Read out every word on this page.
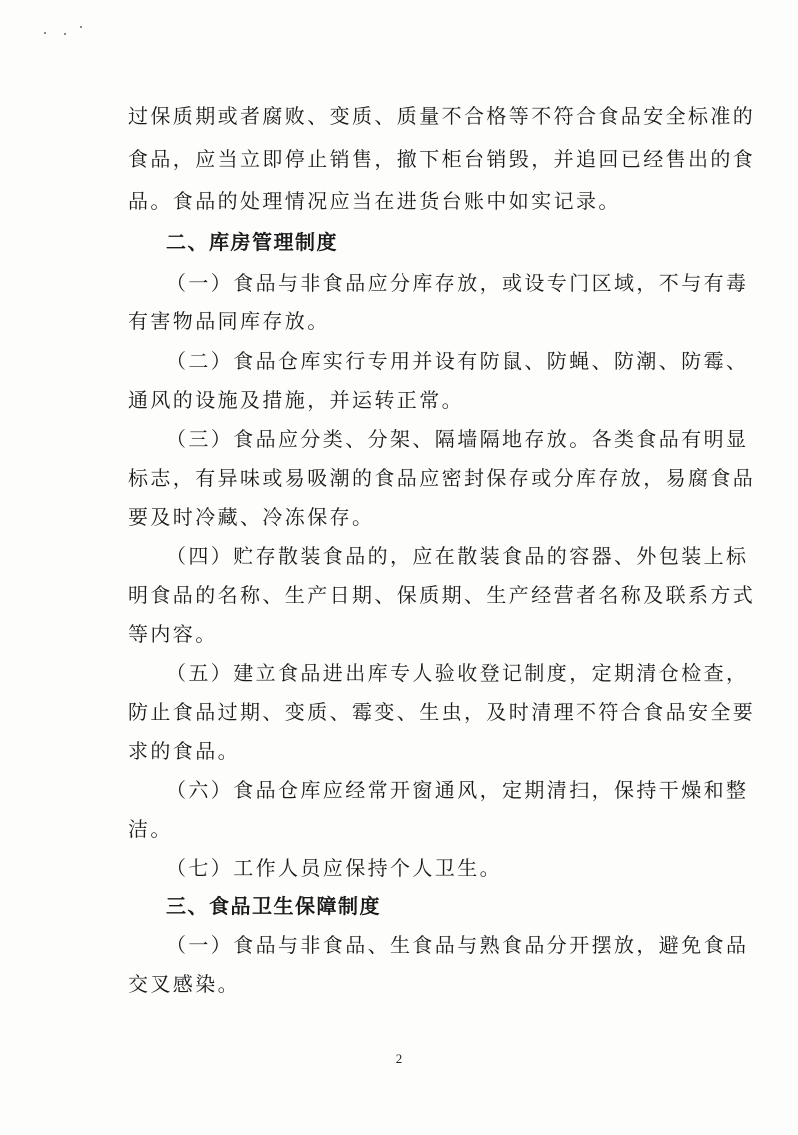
过保质期或者腐败、变质、质量不合格等不符合食品安全标准的
食品，应当立即停止销售，撤下柜台销毁，并追回已经售出的食
品。食品的处理情况应当在进货台账中如实记录。
二、库房管理制度
（一）食品与非食品应分库存放，或设专门区域，不与有毒
有害物品同库存放。
（二）食品仓库实行专用并设有防鼠、防蝇、防潮、防霉、
通风的设施及措施，并运转正常。
（三）食品应分类、分架、隔墙隔地存放。各类食品有明显
标志，有异味或易吸潮的食品应密封保存或分库存放，易腐食品
要及时冷藏、冷冻保存。
（四）贮存散装食品的，应在散装食品的容器、外包装上标
明食品的名称、生产日期、保质期、生产经营者名称及联系方式
等内容。
（五）建立食品进出库专人验收登记制度，定期清仓检查，
防止食品过期、变质、霉变、生虫，及时清理不符合食品安全要
求的食品。
（六）食品仓库应经常开窗通风，定期清扫，保持干燥和整
洁。
（七）工作人员应保持个人卫生。
三、食品卫生保障制度
（一）食品与非食品、生食品与熟食品分开摆放，避免食品
交叉感染。
2
